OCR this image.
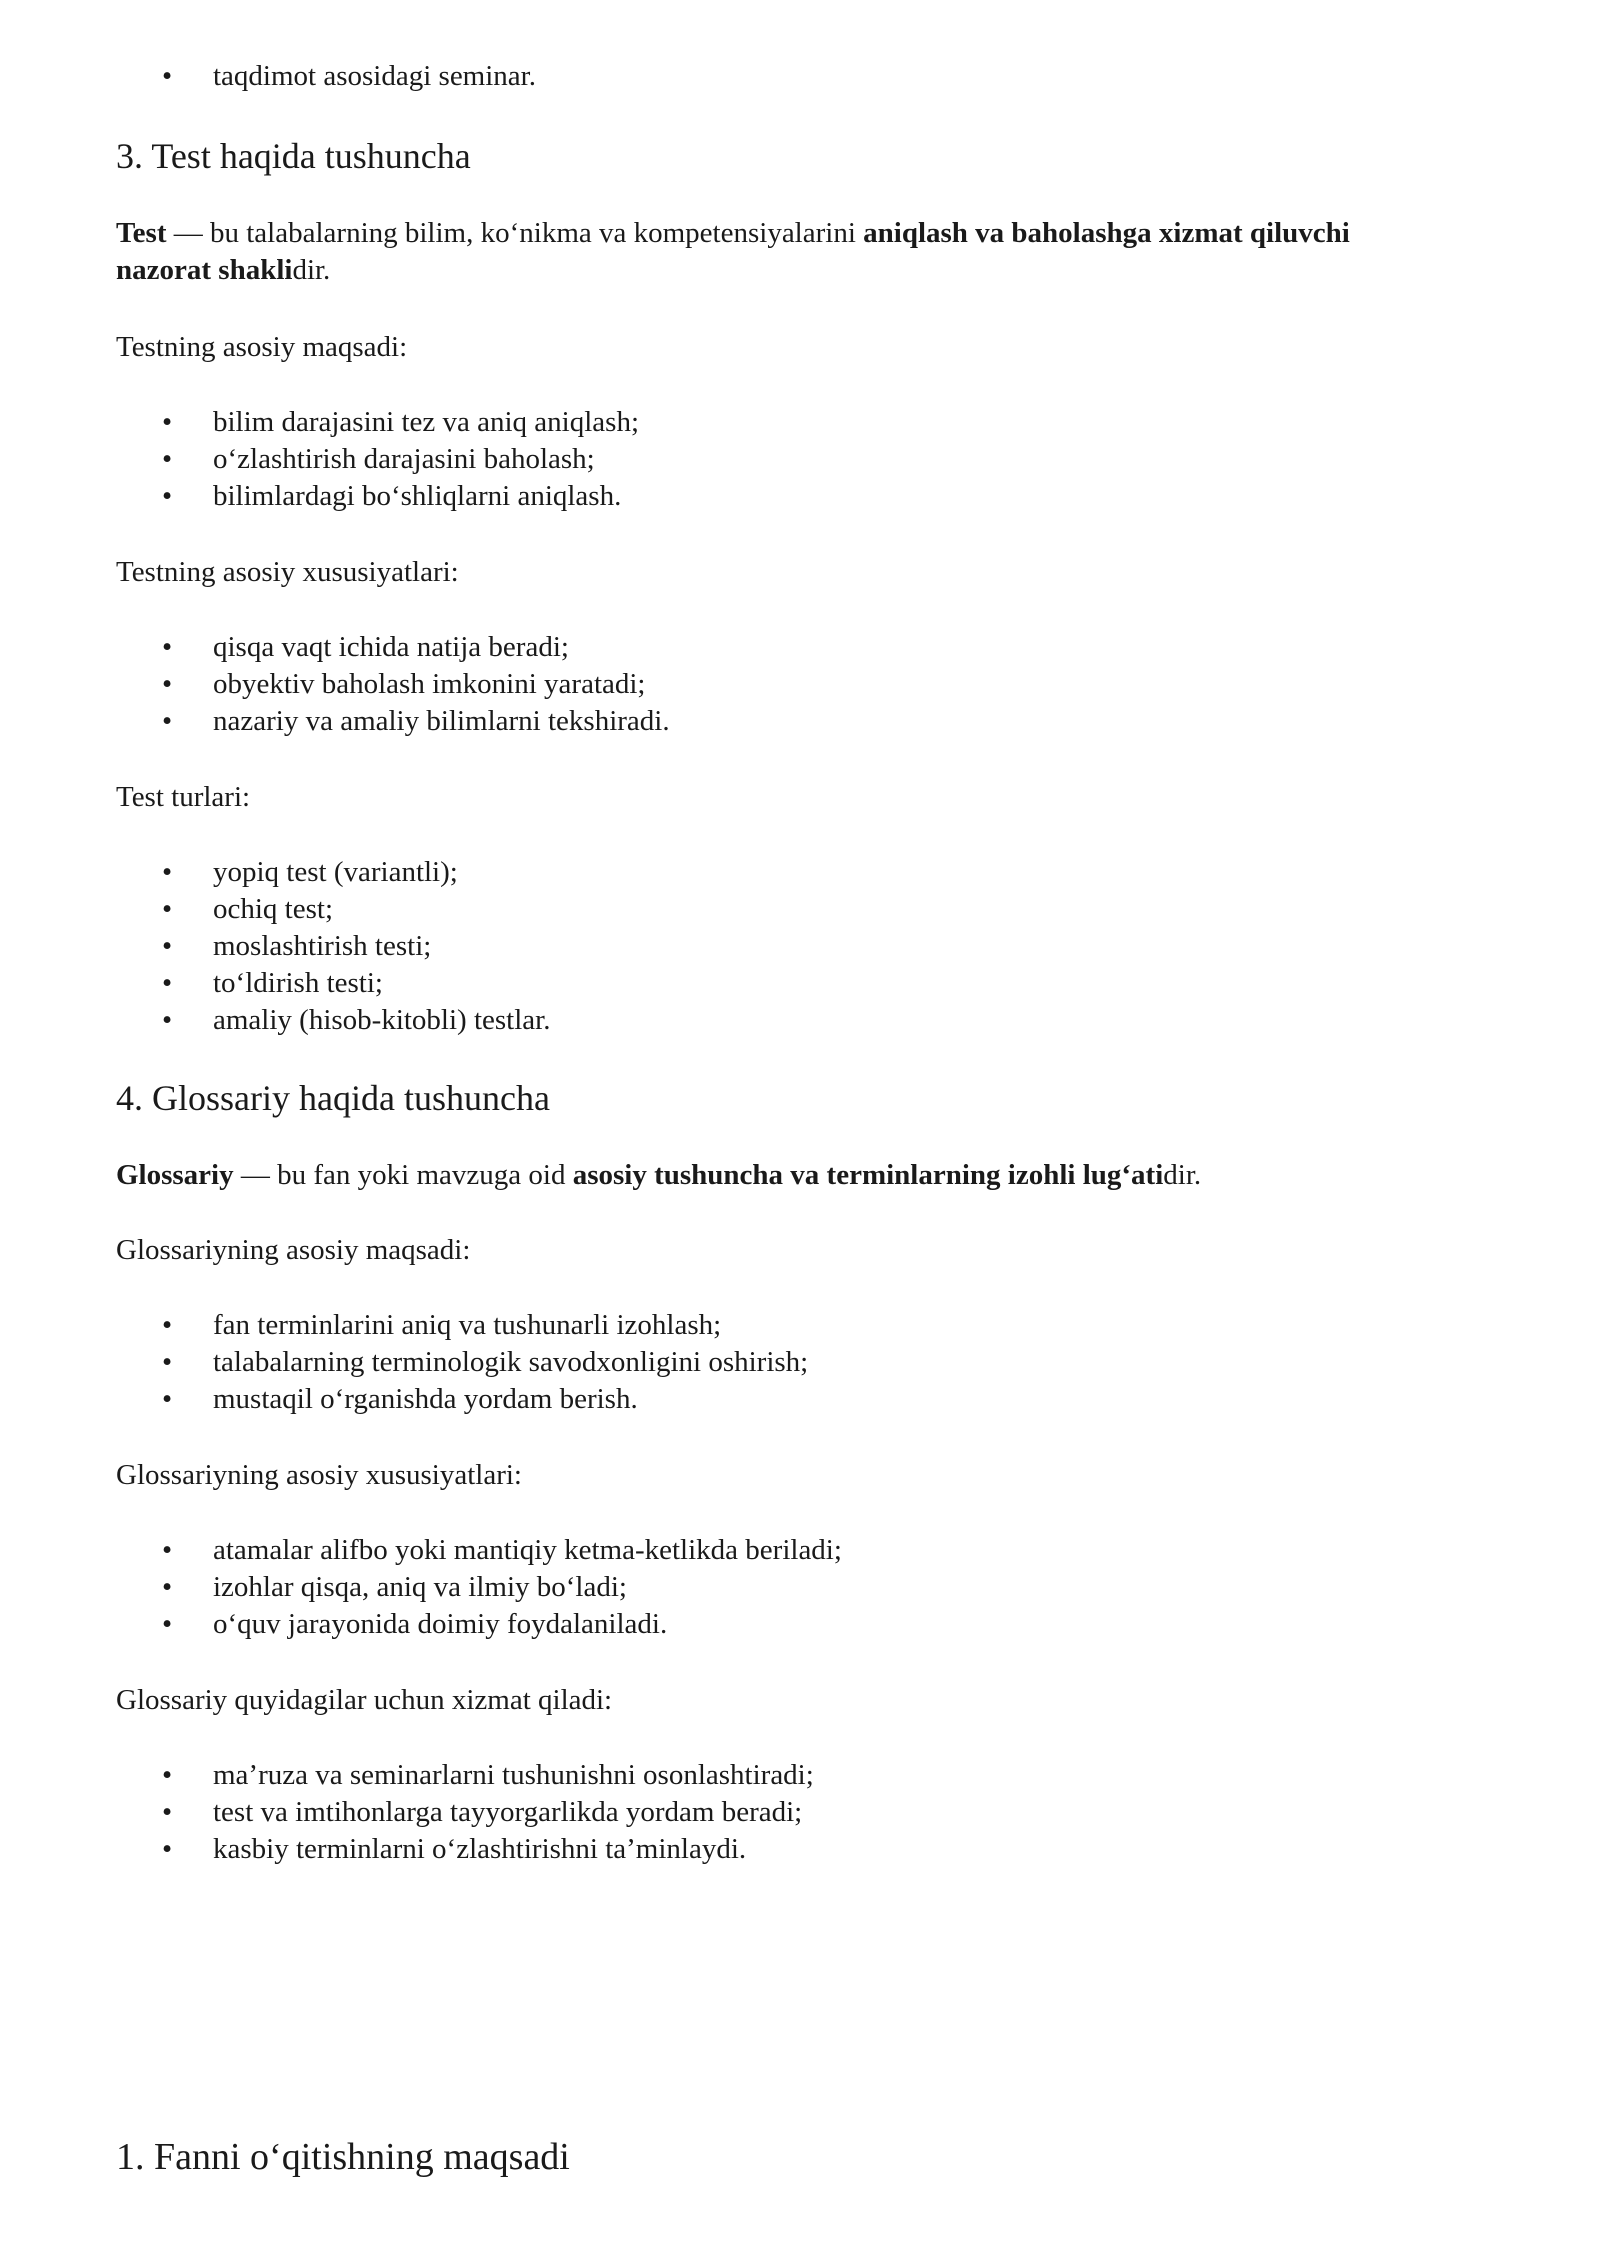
• taqdimot asosidagi seminar.
3. Test haqida tushuncha

Test — bu talabalarning bilim, ko‘nikma va kompetensiyalarini aniqlash va baholashga xizmat qiluvchi nazorat shaklidir.

Testning asosiy maqsadi:

• bilim darajasini tez va aniq aniqlash;
• o‘zlashtirish darajasini baholash;
• bilimlardagi bo‘shliqlarni aniqlash.

Testning asosiy xususiyatlari:

• qisqa vaqt ichida natija beradi;
• obyektiv baholash imkonini yaratadi;
• nazariy va amaliy bilimlarni tekshiradi.

Test turlari:

• yopiq test (variantli);
• ochiq test;
• moslashtirish testi;
• to‘ldirish testi;
• amaliy (hisob-kitobli) testlar.
4. Glossariy haqida tushuncha

Glossariy — bu fan yoki mavzuga oid asosiy tushuncha va terminlarning izohli lug‘atidir.

Glossariyning asosiy maqsadi:

• fan terminlarini aniq va tushunarli izohlash;
• talabalarning terminologik savodxonligini oshirish;
• mustaqil o‘rganishda yordam berish.

Glossariyning asosiy xususiyatlari:

• atamalar alifbo yoki mantiqiy ketma-ketlikda beriladi;
• izohlar qisqa, aniq va ilmiy bo‘ladi;
• o‘quv jarayonida doimiy foydalaniladi.

Glossariy quyidagilar uchun xizmat qiladi:

• ma’ruza va seminarlarni tushunishni osonlashtiradi;
• test va imtihonlarga tayyorgarlikda yordam beradi;
• kasbiy terminlarni o‘zlashtirishni ta’minlaydi.
1. Fanni o‘qitishning maqsadi
